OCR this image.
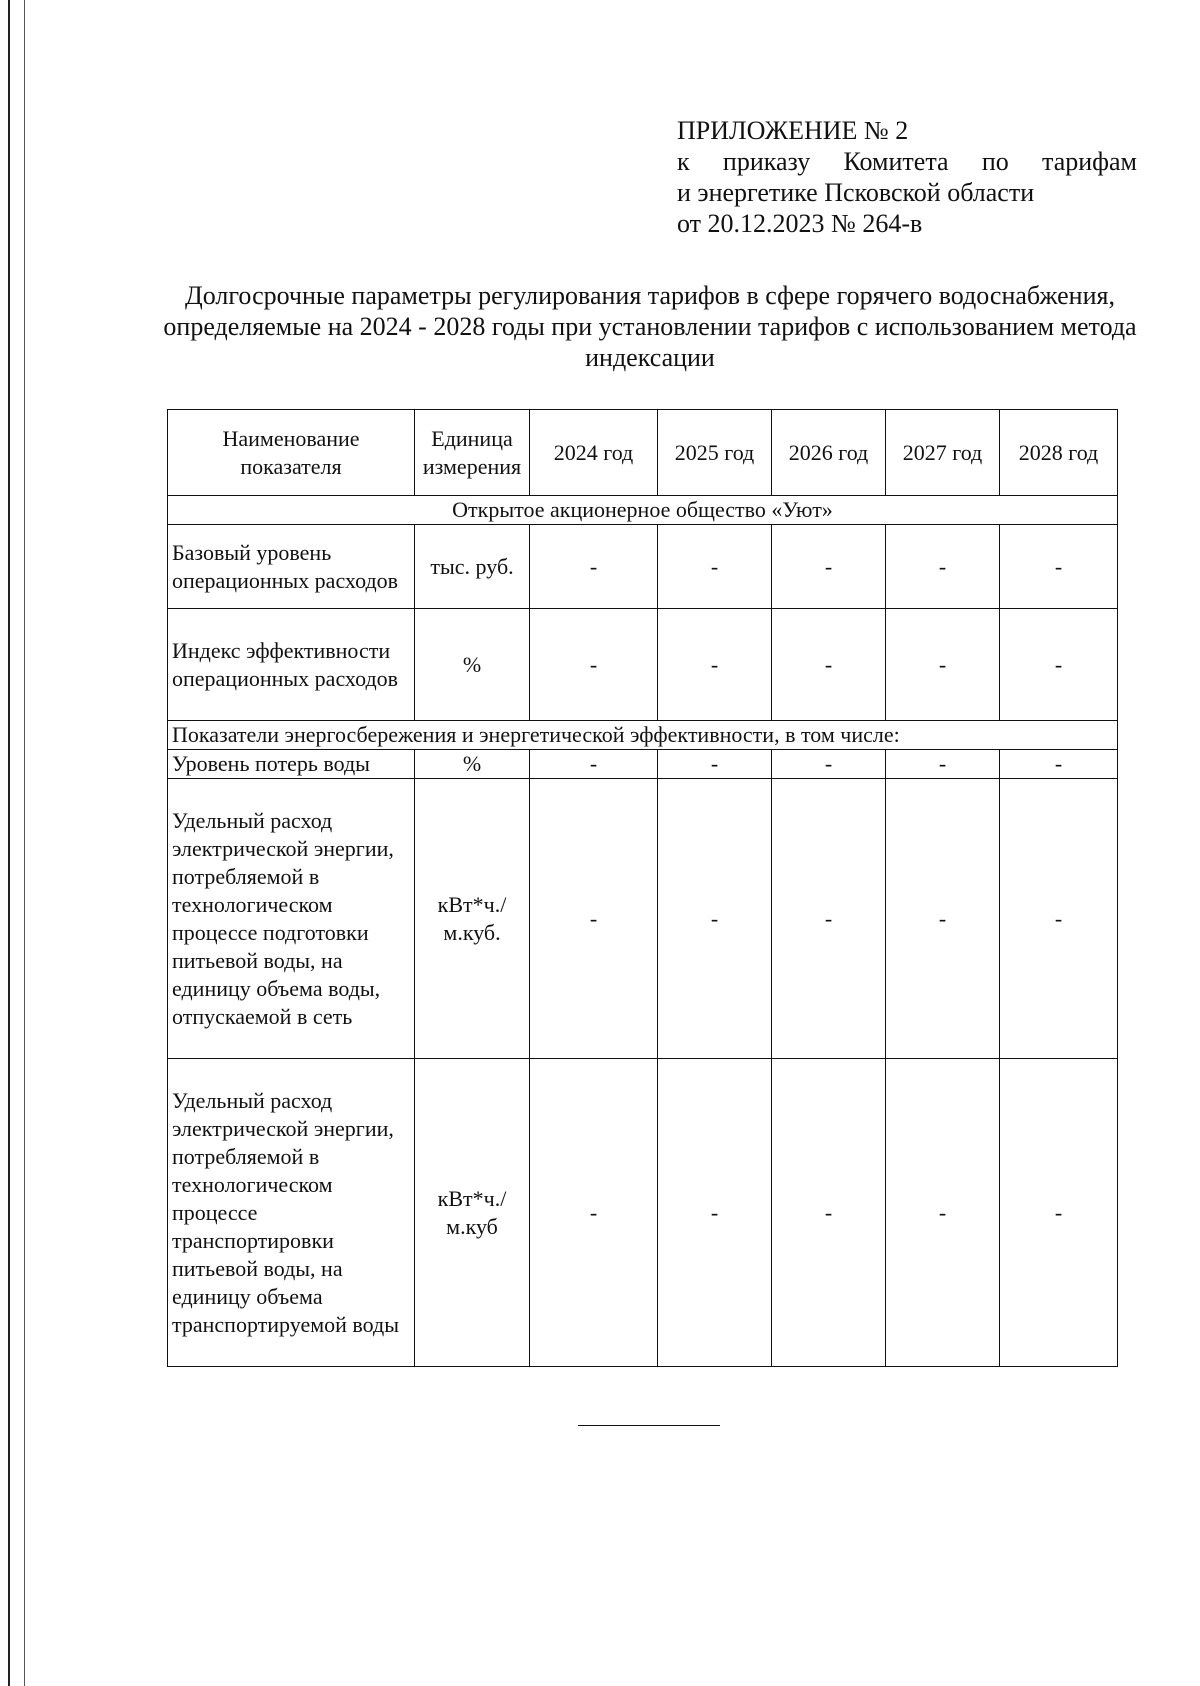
ПРИЛОЖЕНИЕ № 2
к приказу Комитета по тарифам
и энергетике Псковской области
от 20.12.2023 № 264-в
Долгосрочные параметры регулирования тарифов в сфере горячего водоснабжения, определяемые на 2024 - 2028 годы при установлении тарифов с использованием метода индексации
Наименование показателя	Единица измерения	2024 год	2025 год	2026 год	2027 год	2028 год
Открытое акционерное общество «Уют»						
Базовый уровень операционных расходов	тыс. руб.	-	-	-	-	-
Индекс эффективности операционных расходов	%	-	-	-	-	-
Показатели энергосбережения и энергетической эффективности, в том числе:						
Уровень потерь воды	%	-	-	-	-	-
Удельный расход электрической энергии, потребляемой в технологическом процессе подготовки питьевой воды, на единицу объема воды, отпускаемой в сеть	кВт*ч./м.куб.	-	-	-	-	-
Удельный расход электрической энергии, потребляемой в технологическом процессе транспортировки питьевой воды, на единицу объема транспортируемой воды	кВт*ч./м.куб	-	-	-	-	-
